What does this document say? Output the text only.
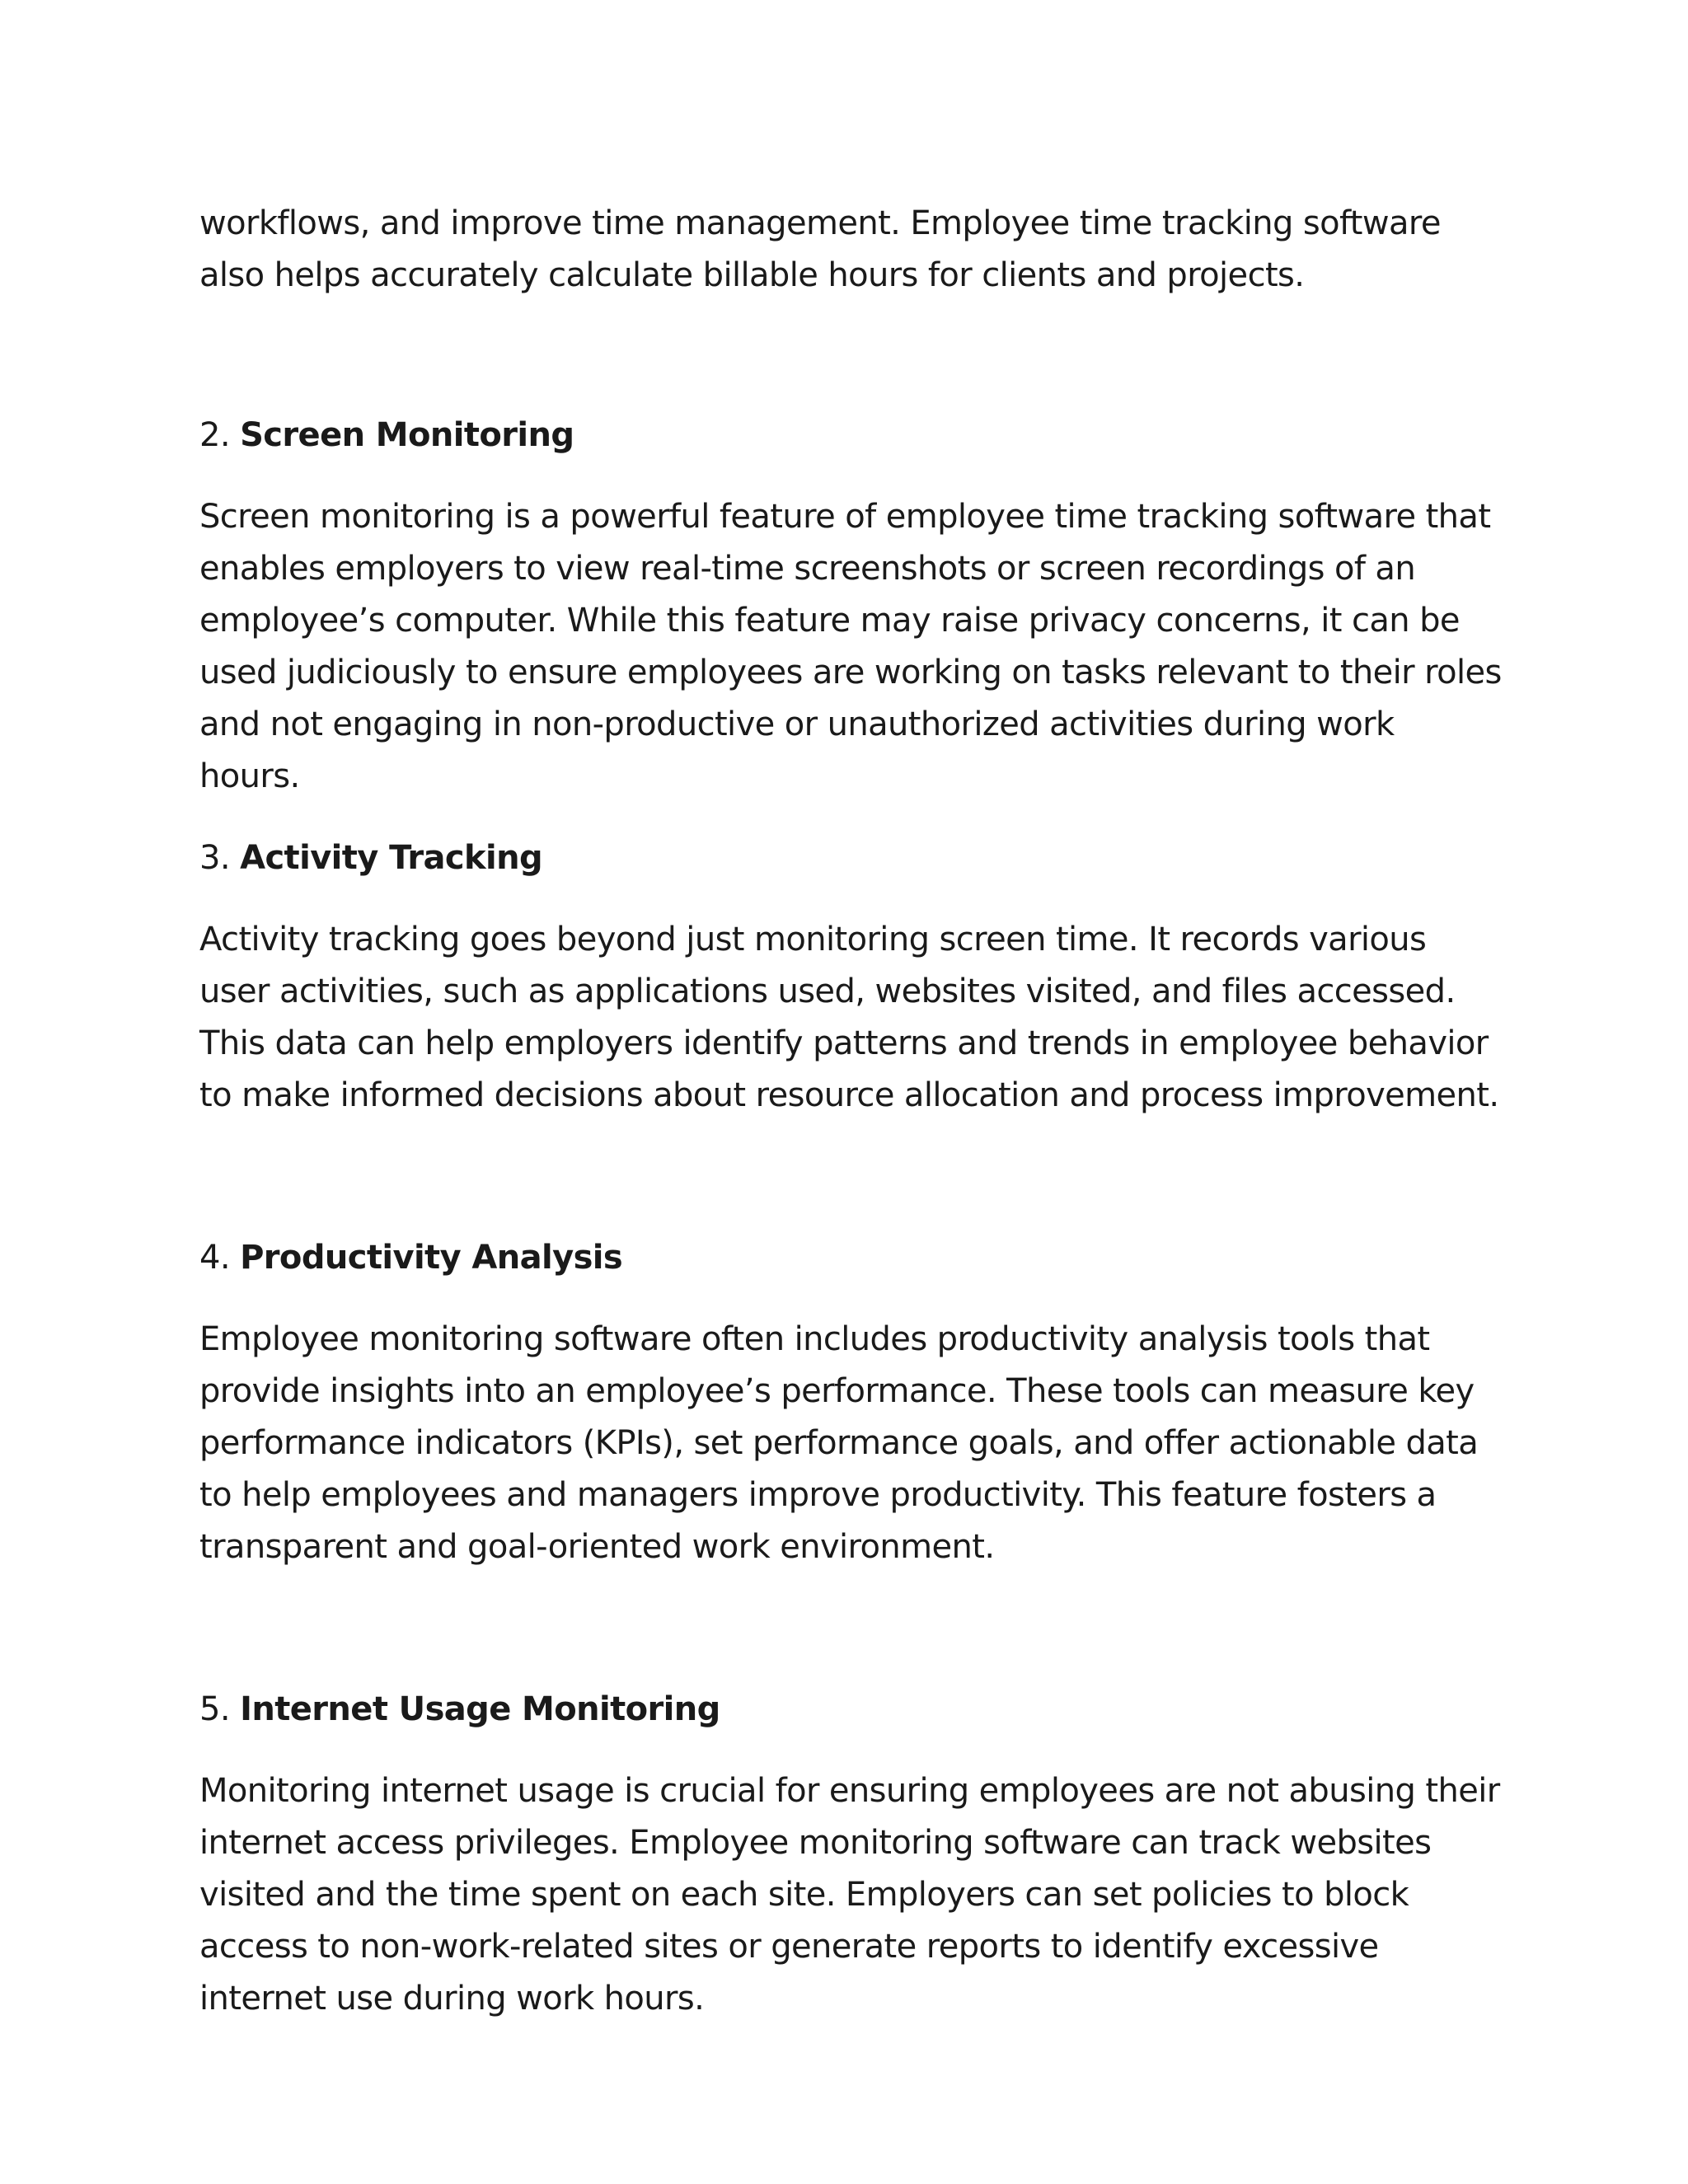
workflows, and improve time management. Employee time tracking software also helps accurately calculate billable hours for clients and projects.

2. Screen Monitoring

Screen monitoring is a powerful feature of employee time tracking software that enables employers to view real-time screenshots or screen recordings of an employee’s computer. While this feature may raise privacy concerns, it can be used judiciously to ensure employees are working on tasks relevant to their roles and not engaging in non-productive or unauthorized activities during work hours.

3. Activity Tracking

Activity tracking goes beyond just monitoring screen time. It records various user activities, such as applications used, websites visited, and files accessed. This data can help employers identify patterns and trends in employee behavior to make informed decisions about resource allocation and process improvement.

4. Productivity Analysis

Employee monitoring software often includes productivity analysis tools that provide insights into an employee’s performance. These tools can measure key performance indicators (KPIs), set performance goals, and offer actionable data to help employees and managers improve productivity. This feature fosters a transparent and goal-oriented work environment.

5. Internet Usage Monitoring

Monitoring internet usage is crucial for ensuring employees are not abusing their internet access privileges. Employee monitoring software can track websites visited and the time spent on each site. Employers can set policies to block access to non-work-related sites or generate reports to identify excessive internet use during work hours.
